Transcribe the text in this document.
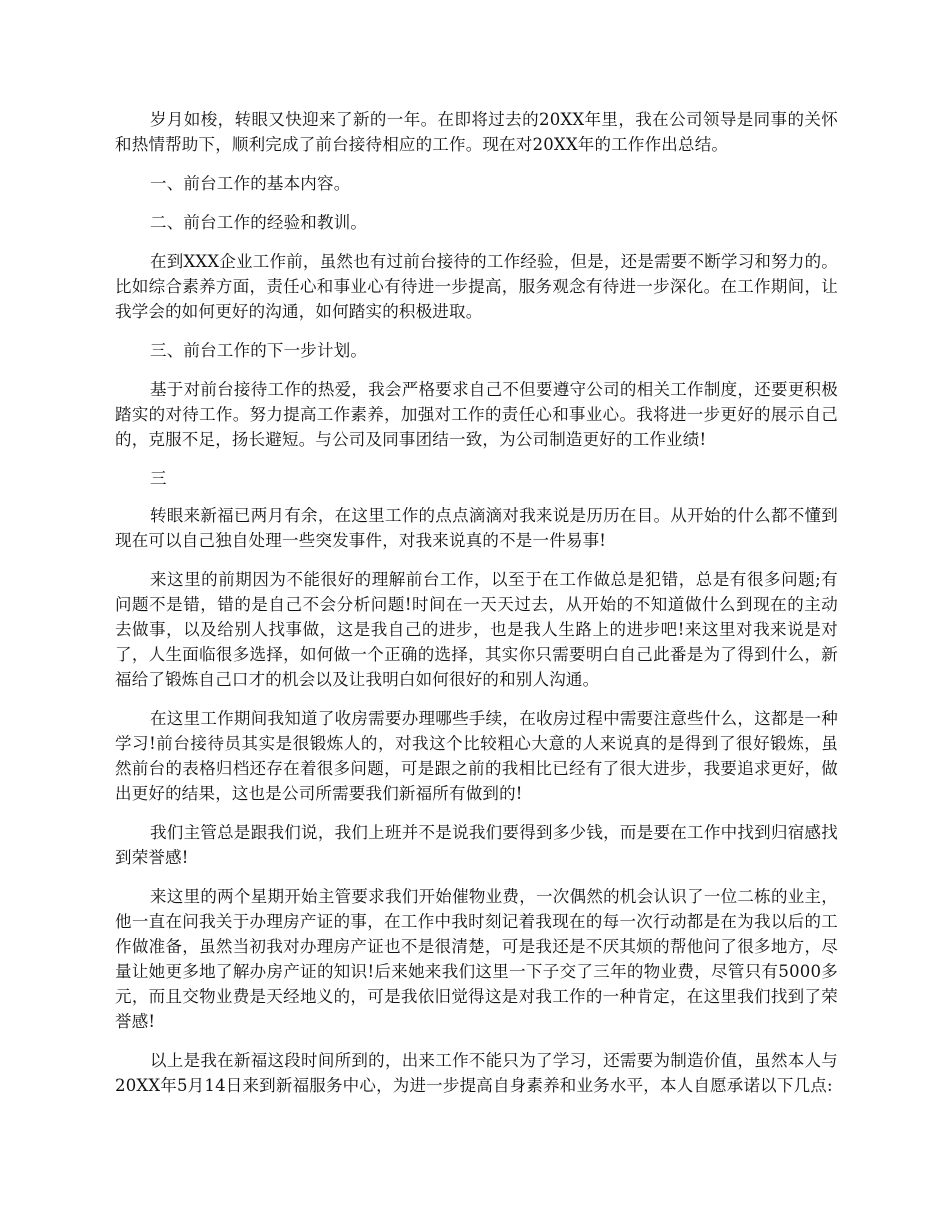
岁月如梭，转眼又快迎来了新的一年。在即将过去的20XX年里，我在公司领导是同事的关怀和热情帮助下，顺利完成了前台接待相应的工作。现在对20XX年的工作作出总结。

一、前台工作的基本内容。

二、前台工作的经验和教训。

在到XXX企业工作前，虽然也有过前台接待的工作经验，但是，还是需要不断学习和努力的。比如综合素养方面，责任心和事业心有待进一步提高，服务观念有待进一步深化。在工作期间，让我学会的如何更好的沟通，如何踏实的积极进取。

三、前台工作的下一步计划。

基于对前台接待工作的热爱，我会严格要求自己不但要遵守公司的相关工作制度，还要更积极踏实的对待工作。努力提高工作素养，加强对工作的责任心和事业心。我将进一步更好的展示自己的，克服不足，扬长避短。与公司及同事团结一致，为公司制造更好的工作业绩!

三

转眼来新福已两月有余，在这里工作的点点滴滴对我来说是历历在目。从开始的什么都不懂到现在可以自己独自处理一些突发事件，对我来说真的不是一件易事!

来这里的前期因为不能很好的理解前台工作，以至于在工作做总是犯错，总是有很多问题;有问题不是错，错的是自己不会分析问题!时间在一天天过去，从开始的不知道做什么到现在的主动去做事，以及给别人找事做，这是我自己的进步，也是我人生路上的进步吧!来这里对我来说是对了，人生面临很多选择，如何做一个正确的选择，其实你只需要明白自己此番是为了得到什么，新福给了锻炼自己口才的机会以及让我明白如何很好的和别人沟通。

在这里工作期间我知道了收房需要办理哪些手续，在收房过程中需要注意些什么，这都是一种学习!前台接待员其实是很锻炼人的，对我这个比较粗心大意的人来说真的是得到了很好锻炼，虽然前台的表格归档还存在着很多问题，可是跟之前的我相比已经有了很大进步，我要追求更好，做出更好的结果，这也是公司所需要我们新福所有做到的!

我们主管总是跟我们说，我们上班并不是说我们要得到多少钱，而是要在工作中找到归宿感找到荣誉感!

来这里的两个星期开始主管要求我们开始催物业费，一次偶然的机会认识了一位二栋的业主，他一直在问我关于办理房产证的事，在工作中我时刻记着我现在的每一次行动都是在为我以后的工作做准备，虽然当初我对办理房产证也不是很清楚，可是我还是不厌其烦的帮他问了很多地方，尽量让她更多地了解办房产证的知识!后来她来我们这里一下子交了三年的物业费，尽管只有5000多元，而且交物业费是天经地义的，可是我依旧觉得这是对我工作的一种肯定，在这里我们找到了荣誉感!

以上是我在新福这段时间所到的，出来工作不能只为了学习，还需要为制造价值，虽然本人与20XX年5月14日来到新福服务中心，为进一步提高自身素养和业务水平，本人自愿承诺以下几点:
